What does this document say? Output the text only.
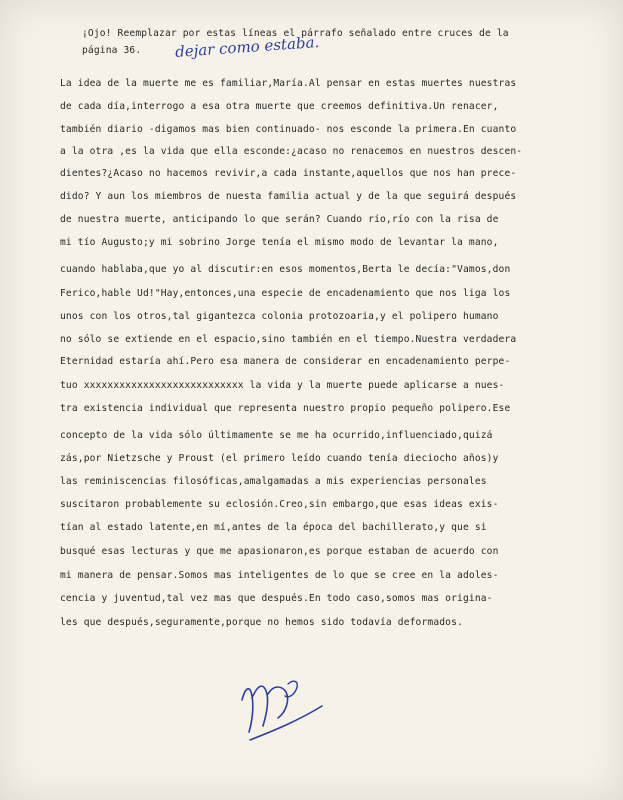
¡Ojo! Reemplazar por estas líneas el párrafo señalado entre cruces de la
página 36. dejar como estaba.
La idea de la muerte me es familiar,María.Al pensar en estas muertes nuestras
de cada día,interrogo a esa otra muerte que creemos definitiva.Un renacer,
también diario -digamos mas bien continuado- nos esconde la primera.En cuanto
a la otra ,es la vida que ella esconde:¿acaso no renacemos en nuestros descen-
dientes?¿Acaso no hacemos revivir,a cada instante,aquellos que nos han prece-
dido? Y aun los miembros de nuesta familia actual y de la que seguirá después
de nuestra muerte, anticipando lo que serán? Cuando río,río con la risa de
mi tío Augusto;y mi sobrino Jorge tenía el mismo modo de levantar la mano,
cuando hablaba,que yo al discutir:en esos momentos,Berta le decía:"Vamos,don
Ferico,hable Ud!"Hay,entonces,una especie de encadenamiento que nos liga los
unos con los otros,tal gigantezca colonia protozoaria,y el polipero humano
no sólo se extiende en el espacio,sino también en el tiempo.Nuestra verdadera
Eternidad estaría ahí.Pero esa manera de considerar en encadenamiento perpe-
tuo xxxxxxxxxxxxxxxxxxxxxxxxxxx la vida y la muerte puede aplicarse a nues-
tra existencia individual que representa nuestro propio pequeño polipero.Ese
concepto de la vida sólo últimamente se me ha ocurrido,influenciado,quizá
zás,por Nietzsche y Proust (el primero leído cuando tenía dieciocho años)y
las reminiscencias filosóficas,amalgamadas a mis experiencias personales
suscitaron probablemente su eclosión.Creo,sin embargo,que esas ideas exis-
tían al estado latente,en mí,antes de la época del bachillerato,y que si
busqué esas lecturas y que me apasionaron,es porque estaban de acuerdo con
mi manera de pensar.Somos mas inteligentes de lo que se cree en la adoles-
cencia y juventud,tal vez mas que después.En todo caso,somos mas origina-
les que después,seguramente,porque no hemos sido todavía deformados.
